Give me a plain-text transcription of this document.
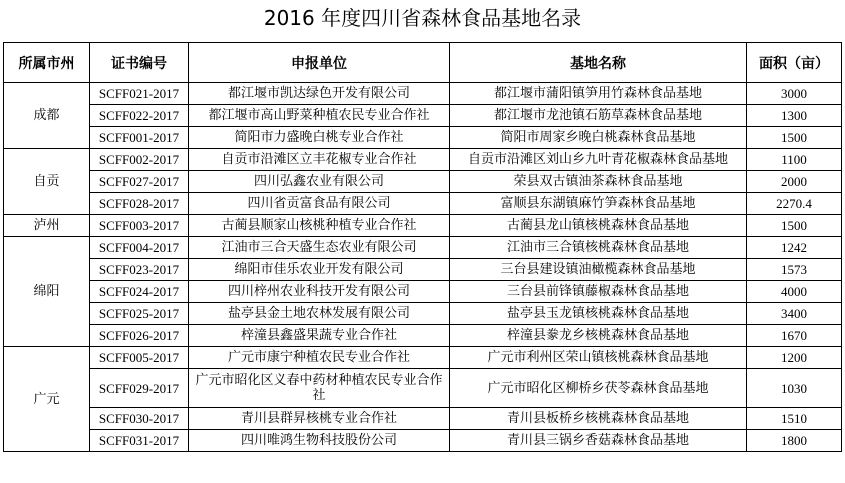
2016 年度四川省森林食品基地名录
所属市州	证书编号	申报单位	基地名称	面积（亩）
成都	SCFF021-2017	都江堰市凯达绿色开发有限公司	都江堰市蒲阳镇笋用竹森林食品基地	3000
	SCFF022-2017	都江堰市高山野菜种植农民专业合作社	都江堰市龙池镇石筋草森林食品基地	1300
	SCFF001-2017	简阳市力盛晚白桃专业合作社	简阳市周家乡晚白桃森林食品基地	1500
自贡	SCFF002-2017	自贡市沿滩区立丰花椒专业合作社	自贡市沿滩区刘山乡九叶青花椒森林食品基地	1100
	SCFF027-2017	四川弘鑫农业有限公司	荣县双古镇油茶森林食品基地	2000
	SCFF028-2017	四川省贡富食品有限公司	富顺县东湖镇麻竹笋森林食品基地	2270.4
泸州	SCFF003-2017	古蔺县顺家山核桃种植专业合作社	古蔺县龙山镇核桃森林食品基地	1500
绵阳	SCFF004-2017	江油市三合天盛生态农业有限公司	江油市三合镇核桃森林食品基地	1242
	SCFF023-2017	绵阳市佳乐农业开发有限公司	三台县建设镇油橄榄森林食品基地	1573
	SCFF024-2017	四川梓州农业科技开发有限公司	三台县前锋镇藤椒森林食品基地	4000
	SCFF025-2017	盐亭县金土地农林发展有限公司	盐亭县玉龙镇核桃森林食品基地	3400
	SCFF026-2017	梓潼县鑫盛果蔬专业合作社	梓潼县豢龙乡核桃森林食品基地	1670
广元	SCFF005-2017	广元市康宁种植农民专业合作社	广元市利州区荣山镇核桃森林食品基地	1200
	SCFF029-2017	广元市昭化区义春中药材种植农民专业合作社	广元市昭化区柳桥乡茯苓森林食品基地	1030
	SCFF030-2017	青川县群昇核桃专业合作社	青川县板桥乡核桃森林食品基地	1510
	SCFF031-2017	四川唯鸿生物科技股份公司	青川县三锅乡香菇森林食品基地	1800
